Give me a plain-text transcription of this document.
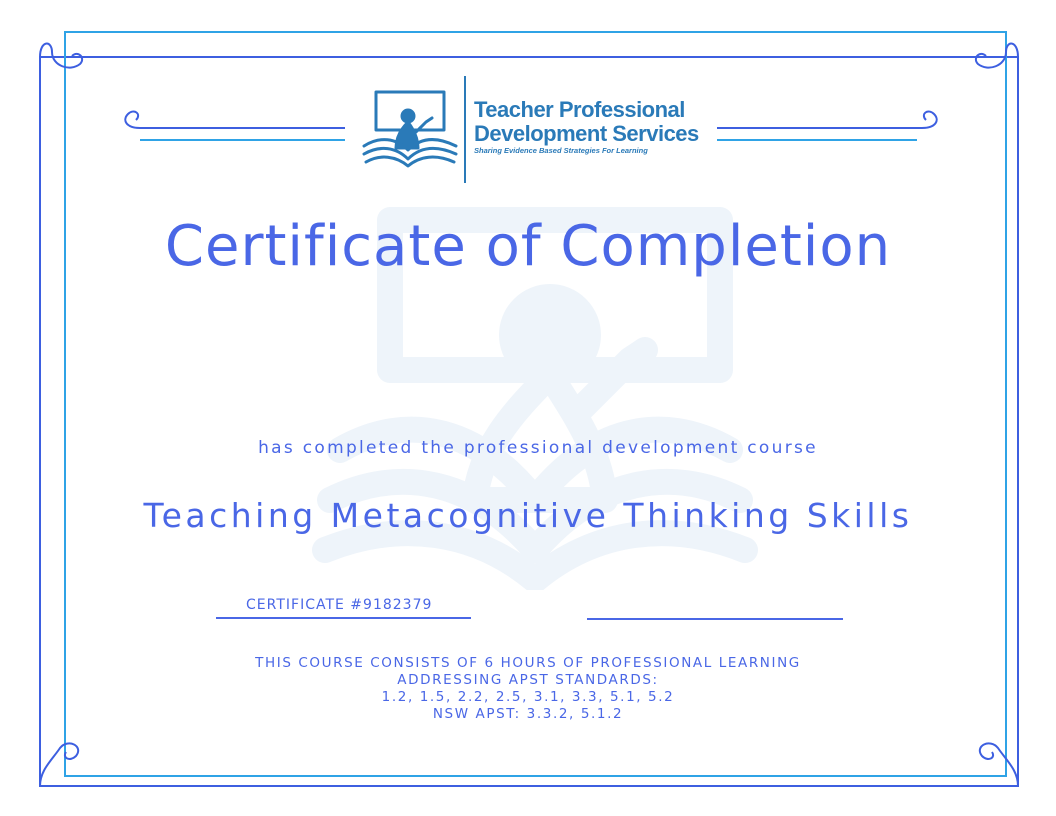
Teacher Professional
Development Services
Sharing Evidence Based Strategies For Learning
Certificate of Completion
has completed the professional development course
Teaching Metacognitive Thinking Skills
CERTIFICATE #9182379
THIS COURSE CONSISTS OF 6 HOURS OF PROFESSIONAL LEARNING
ADDRESSING APST STANDARDS:
1.2, 1.5, 2.2, 2.5, 3.1, 3.3, 5.1, 5.2
NSW APST: 3.3.2, 5.1.2
